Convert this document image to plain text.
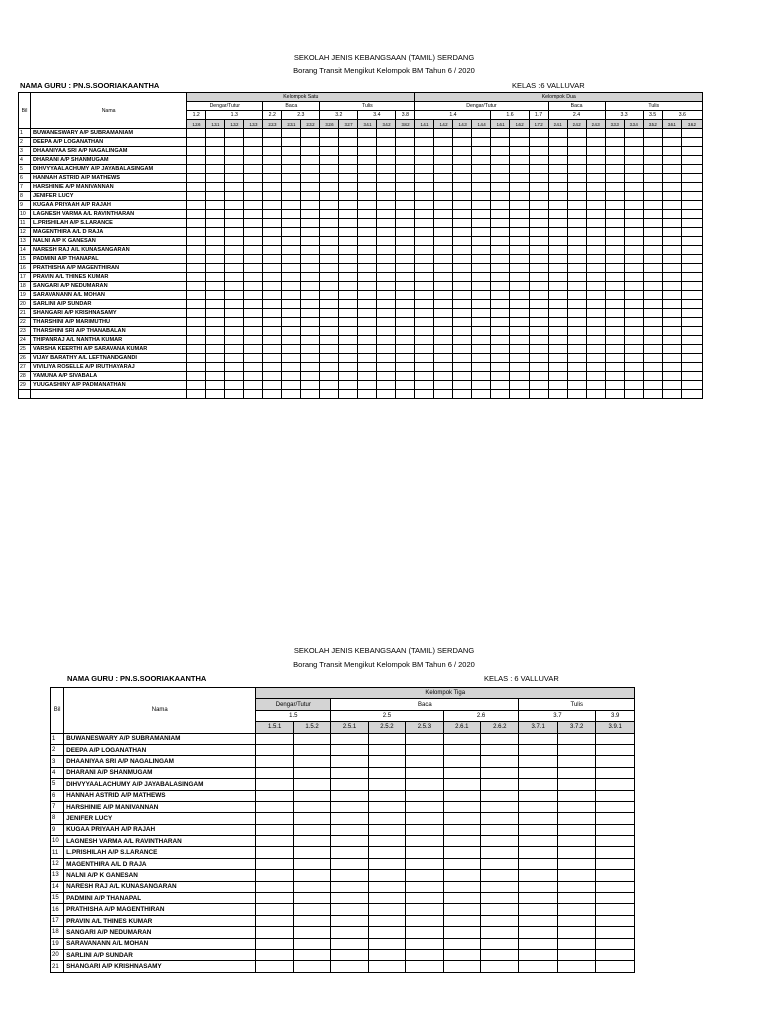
SEKOLAH JENIS KEBANGSAAN (TAMIL) SERDANG
Borang Transit Mengikut Kelompok BM Tahun 6 / 2020
NAMA GURU : PN.S.SOORIAKAANTHA	KELAS :6 VALLUVAR
Bil	Nama	Kelompok Satu												Kelompok Dua														
		Dengar/Tutur				Baca			Tulis					Dengar/Tutur							Baca			Tulis				
		1.2	1.3			2.2	2.3		3.2		3.4		3.8	1.4				1.6		1.7	2.4			3.3		3.5	3.6	
		1.2.6	1.3.1	1.3.2	1.3.3	2.2.3	2.3.1	2.3.2	3.2.6	3.2.7	3.4.1	3.4.2	3.8.2	1.4.1	1.4.2	1.4.3	1.4.4	1.6.1	1.6.2	1.7.2	2.4.1	2.4.2	2.4.3	3.3.3	3.3.4	3.5.2	3.6.1	3.6.2
1	BUWANESWARY A/P SUBRAMANIAM																											
2	DEEPA A/P LOGANATHAN																											
3	DHAANIYAA SRI A/P NAGALINGAM																											
4	DHARANI A/P SHANMUGAM																											
5	DIHVYYAALACHUMY A/P JAYABALASINGAM																											
6	HANNAH ASTRID A/P MATHEWS																											
7	HARSHINIE A/P MANIVANNAN																											
8	JENIFER LUCY																											
9	KUGAA PRIYAAH A/P RAJAH																											
10	LAGNESH VARMA A/L RAVINTHARAN																											
11	L.PRISHILAH A/P S.LARANCE																											
12	MAGENTHIRA A/L D RAJA																											
13	NALNI A/P K GANESAN																											
14	NARESH RAJ A/L KUNASANGARAN																											
15	PADMINI A/P THANAPAL																											
16	PRATHISHA A/P MAGENTHIRAN																											
17	PRAVIN A/L THINES KUMAR																											
18	SANGARI A/P NEDUMARAN																											
19	SARAVANANN A/L MOHAN																											
20	SARLINI A/P SUNDAR																											
21	SHANGARI A/P KRISHNASAMY																											
22	THARSHINI A/P MARIMUTHU																											
23	THARSHINI SRI A/P THANABALAN																											
24	THIPANRAJ A/L NANTHA KUMAR																											
25	VARSHA KEERTHI A/P SARAVANA KUMAR																											
26	VIJAY BARATHY A/L LEFTNANDGANDI																											
27	VIVILIYA ROSELLE A/P IRUTHAYARAJ																											
28	YAMUNA A/P SIVABALA																											
29	YUUGASHINY A/P PADMANATHAN																											

SEKOLAH JENIS KEBANGSAAN (TAMIL) SERDANG
Borang Transit Mengikut Kelompok BM Tahun 6 / 2020
NAMA GURU : PN.S.SOORIAKAANTHA	KELAS : 6 VALLUVAR
Bil	Nama	Kelompok Tiga									
		Dengar/Tutur		Baca					Tulis		
		1.5		2.5			2.6		3.7		3.9
		1.5.1	1.5.2	2.5.1	2.5.2	2.5.3	2.6.1	2.6.2	3.7.1	3.7.2	3.9.1
1	BUWANESWARY A/P SUBRAMANIAM										
2	DEEPA A/P LOGANATHAN										
3	DHAANIYAA SRI A/P NAGALINGAM										
4	DHARANI A/P SHANMUGAM										
5	DIHVYYAALACHUMY A/P JAYABALASINGAM										
6	HANNAH ASTRID A/P MATHEWS										
7	HARSHINIE A/P MANIVANNAN										
8	JENIFER LUCY										
9	KUGAA PRIYAAH A/P RAJAH										
10	LAGNESH VARMA A/L RAVINTHARAN										
11	L.PRISHILAH A/P S.LARANCE										
12	MAGENTHIRA A/L D RAJA										
13	NALNI A/P K GANESAN										
14	NARESH RAJ A/L KUNASANGARAN										
15	PADMINI A/P THANAPAL										
16	PRATHISHA A/P MAGENTHIRAN										
17	PRAVIN A/L THINES KUMAR										
18	SANGARI A/P NEDUMARAN										
19	SARAVANANN A/L MOHAN										
20	SARLINI A/P SUNDAR										
21	SHANGARI A/P KRISHNASAMY										
